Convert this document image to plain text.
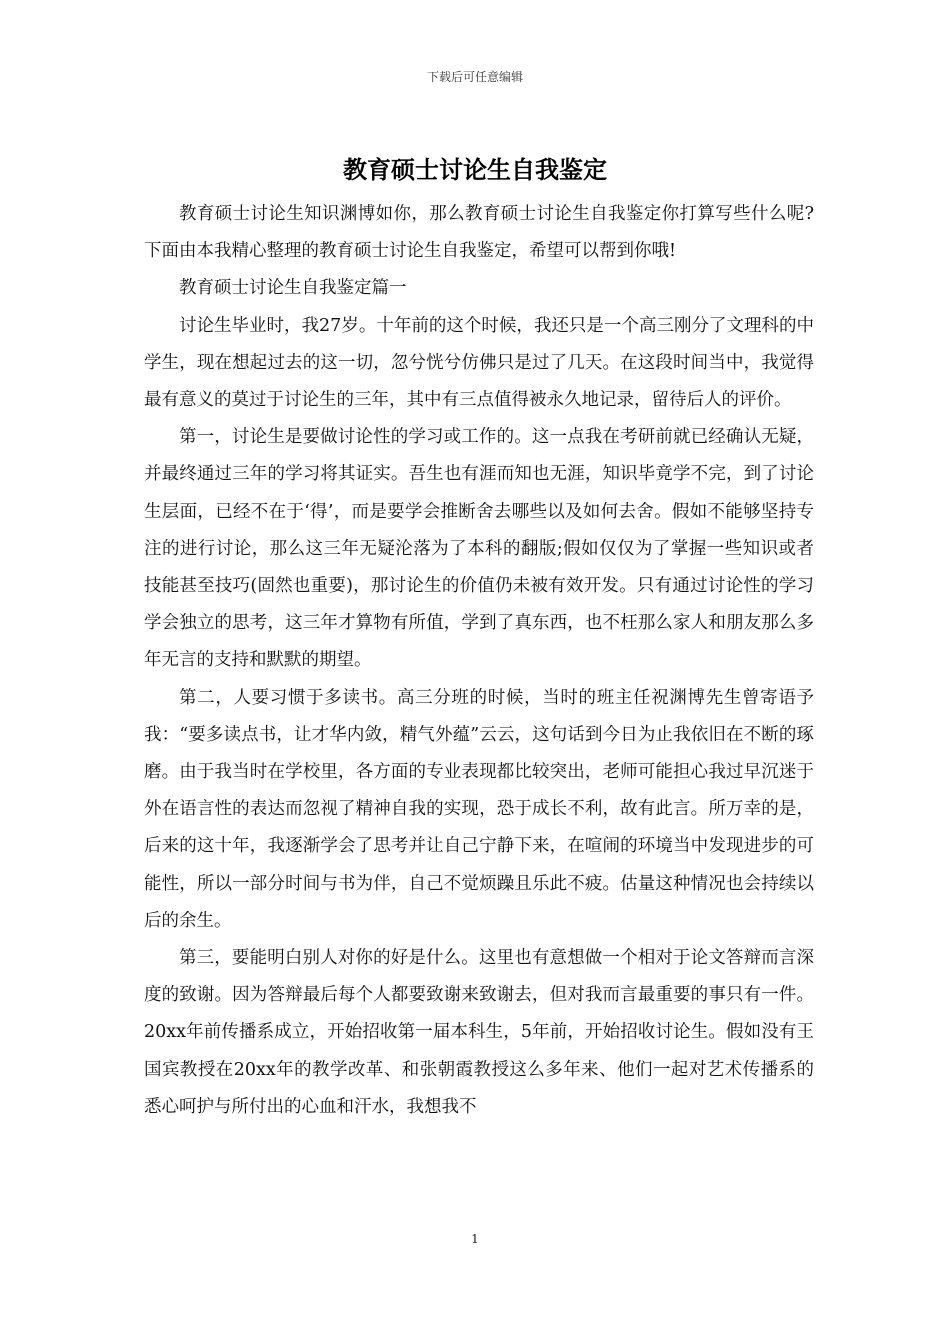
下载后可任意编辑
教育硕士讨论生自我鉴定

教育硕士讨论生知识渊博如你，那么教育硕士讨论生自我鉴定你打算写些什么呢?下面由本我精心整理的教育硕士讨论生自我鉴定，希望可以帮到你哦!

教育硕士讨论生自我鉴定篇一

讨论生毕业时，我27岁。十年前的这个时候，我还只是一个高三刚分了文理科的中学生，现在想起过去的这一切，忽兮恍兮仿佛只是过了几天。在这段时间当中，我觉得最有意义的莫过于讨论生的三年，其中有三点值得被永久地记录，留待后人的评价。

第一，讨论生是要做讨论性的学习或工作的。这一点我在考研前就已经确认无疑，并最终通过三年的学习将其证实。吾生也有涯而知也无涯，知识毕竟学不完，到了讨论生层面，已经不在于‘得’，而是要学会推断舍去哪些以及如何去舍。假如不能够坚持专注的进行讨论，那么这三年无疑沦落为了本科的翻版;假如仅仅为了掌握一些知识或者技能甚至技巧(固然也重要)，那讨论生的价值仍未被有效开发。只有通过讨论性的学习学会独立的思考，这三年才算物有所值，学到了真东西，也不枉那么家人和朋友那么多年无言的支持和默默的期望。

第二，人要习惯于多读书。高三分班的时候，当时的班主任祝渊博先生曾寄语予我：“要多读点书，让才华内敛，精气外蕴”云云，这句话到今日为止我依旧在不断的琢磨。由于我当时在学校里，各方面的专业表现都比较突出，老师可能担心我过早沉迷于外在语言性的表达而忽视了精神自我的实现，恐于成长不利，故有此言。所万幸的是，后来的这十年，我逐渐学会了思考并让自己宁静下来，在喧闹的环境当中发现进步的可能性，所以一部分时间与书为伴，自己不觉烦躁且乐此不疲。估量这种情况也会持续以后的余生。

第三，要能明白别人对你的好是什么。这里也有意想做一个相对于论文答辩而言深度的致谢。因为答辩最后每个人都要致谢来致谢去，但对我而言最重要的事只有一件。20xx年前传播系成立，开始招收第一届本科生，5年前，开始招收讨论生。假如没有王国宾教授在20xx年的教学改革、和张朝霞教授这么多年来、他们一起对艺术传播系的悉心呵护与所付出的心血和汗水，我想我不

1
